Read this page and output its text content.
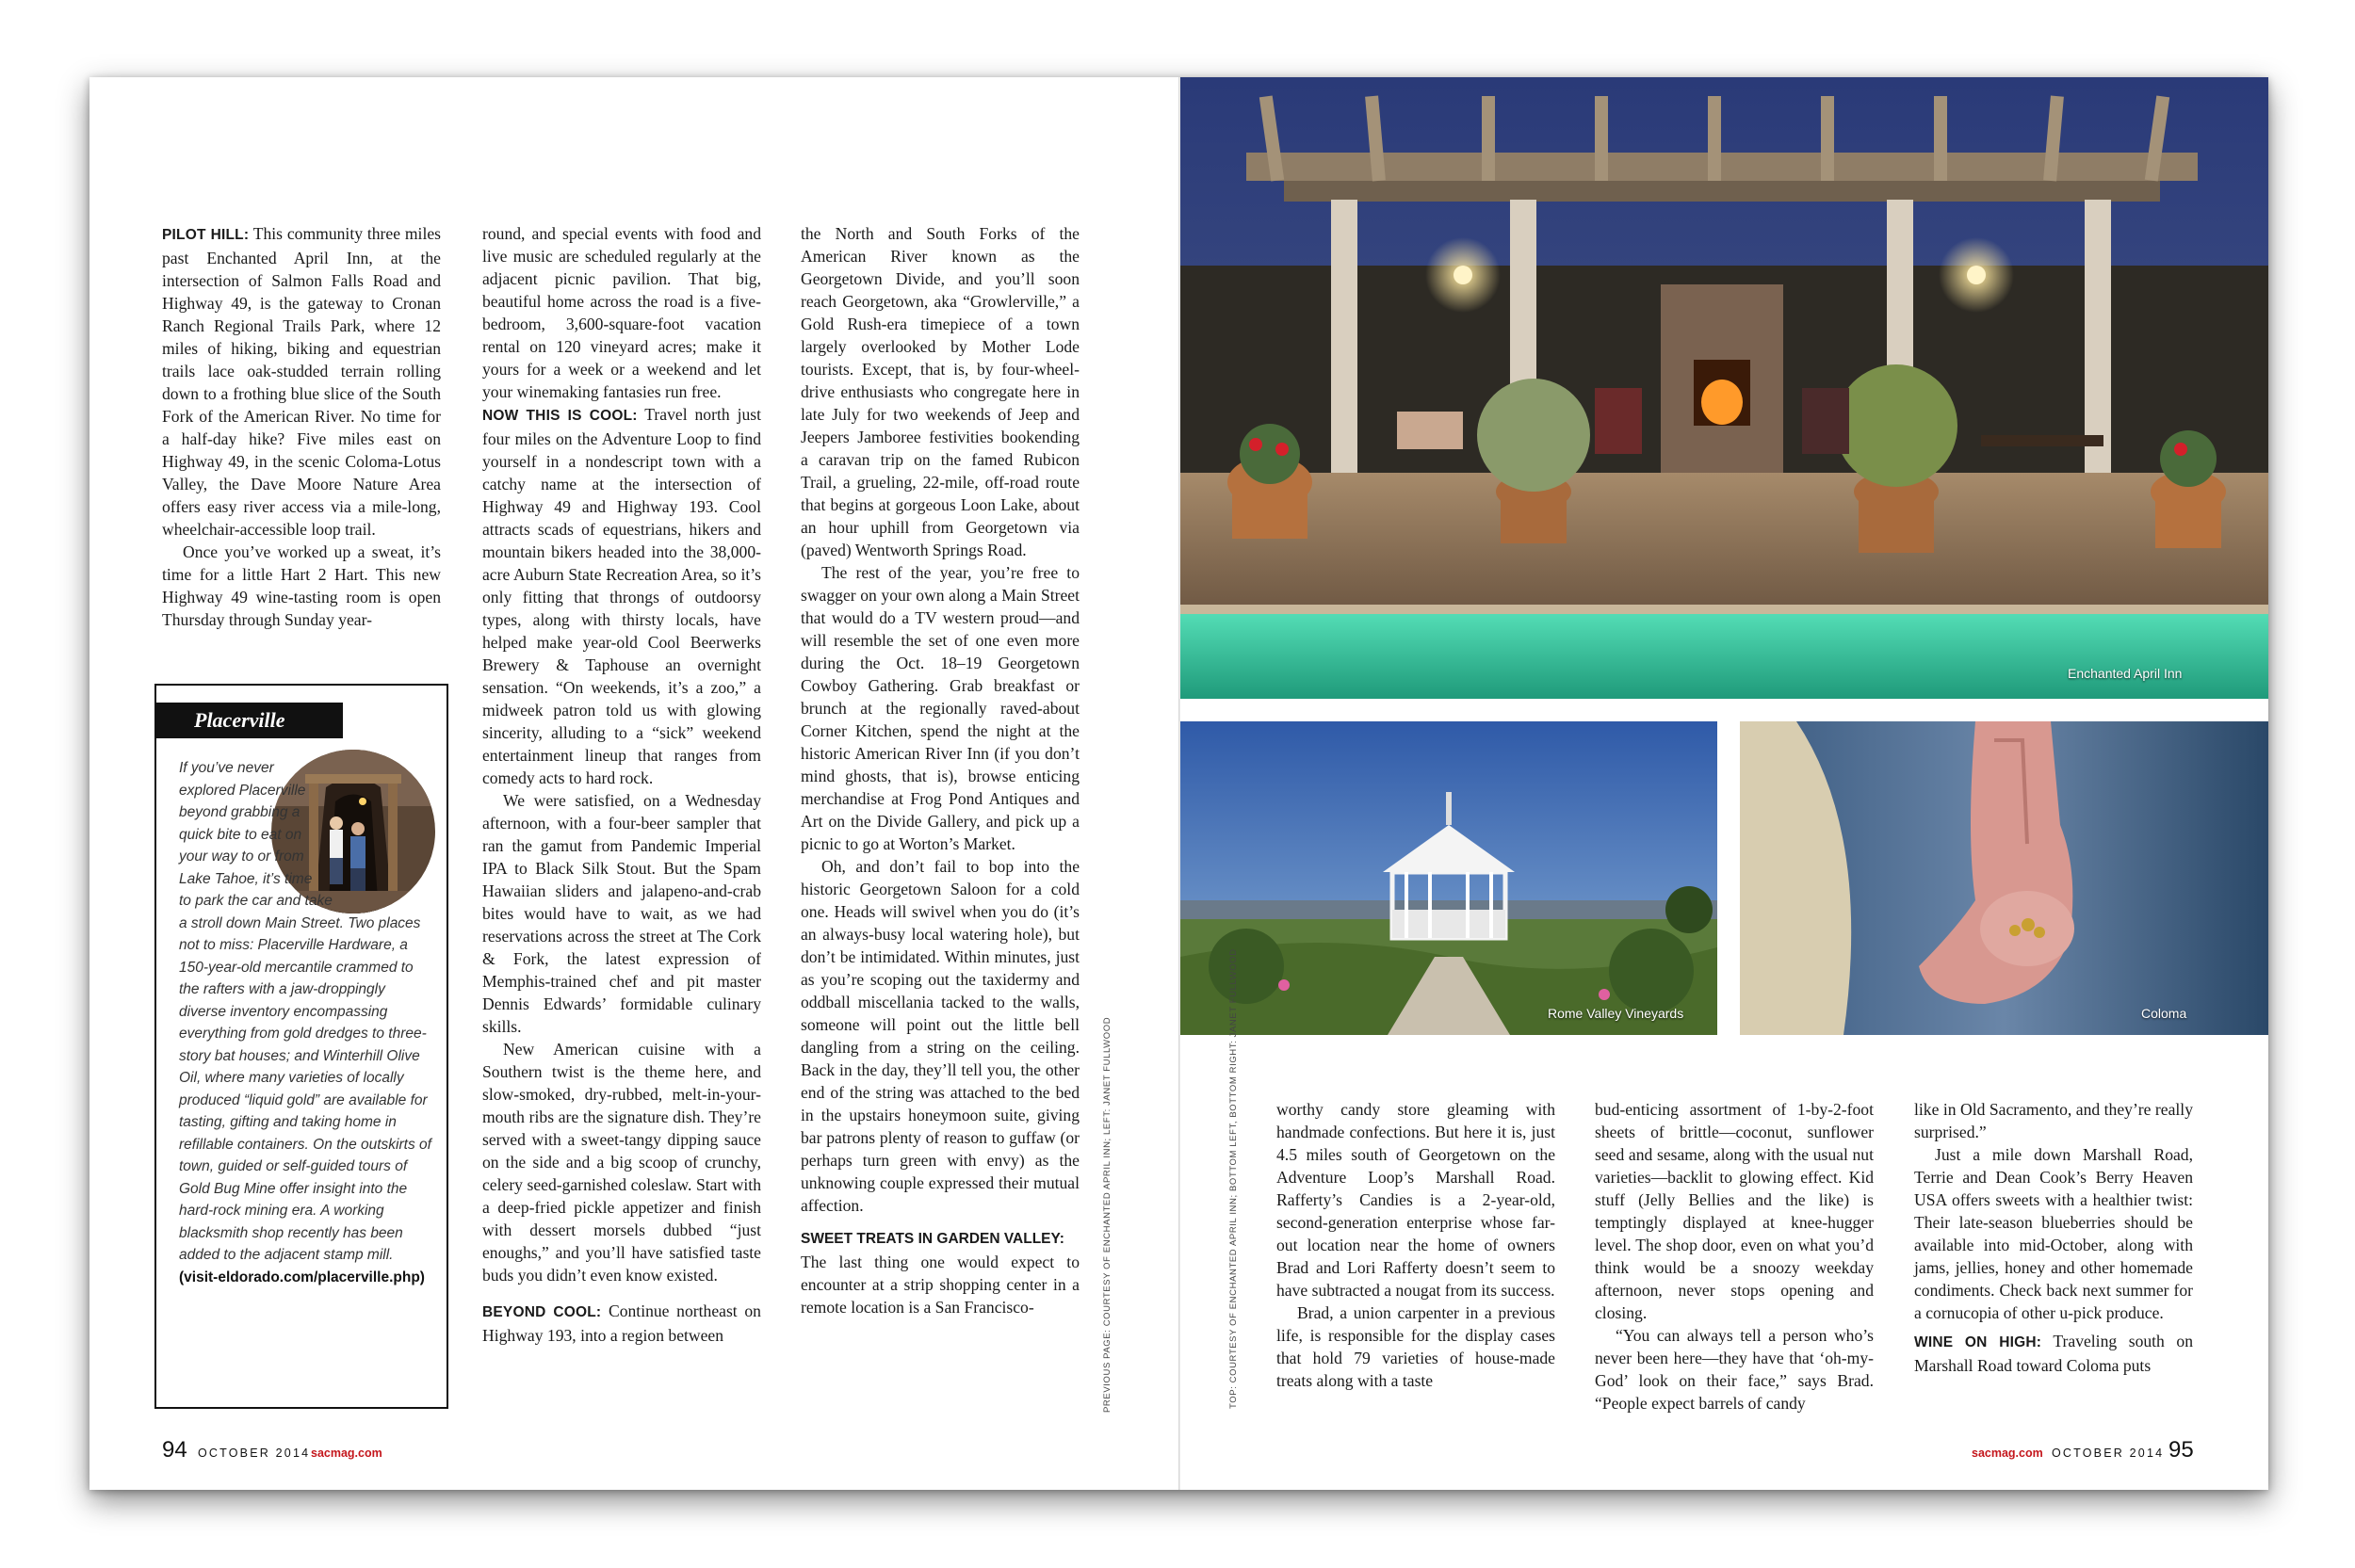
PILOT HILL: This community three miles past Enchanted April Inn, at the intersection of Salmon Falls Road and Highway 49, is the gateway to Cronan Ranch Regional Trails Park, where 12 miles of hiking, biking and equestrian trails lace oak-studded terrain rolling down to a frothing blue slice of the South Fork of the American River. No time for a half-day hike? Five miles east on Highway 49, in the scenic Coloma-Lotus Valley, the Dave Moore Nature Area offers easy river access via a mile-long, wheelchair-accessible loop trail.

Once you’ve worked up a sweat, it’s time for a little Hart 2 Hart. This new Highway 49 wine-tasting room is open Thursday through Sunday year-

Placerville
If you’ve never explored Placerville beyond grabbing a quick bite to eat on your way to or from Lake Tahoe, it’s time to park the car and take a stroll down Main Street. Two places not to miss: Placerville Hardware, a 150-year-old mercantile crammed to the rafters with a jaw-droppingly diverse inventory encompassing everything from gold dredges to three-story bat houses; and Winterhill Olive Oil, where many varieties of locally produced “liquid gold” are available for tasting, gifting and taking home in refillable containers. On the outskirts of town, guided or self-guided tours of Gold Bug Mine offer insight into the hard-rock mining era. A working blacksmith shop recently has been added to the adjacent stamp mill. (visit-eldorado.com/placerville.php)

round, and special events with food and live music are scheduled regularly at the adjacent picnic pavilion. That big, beautiful home across the road is a five-bedroom, 3,600-square-foot vacation rental on 120 vineyard acres; make it yours for a week or a weekend and let your winemaking fantasies run free.

NOW THIS IS COOL: Travel north just four miles on the Adventure Loop to find yourself in a nondescript town with a catchy name at the intersection of Highway 49 and Highway 193. Cool attracts scads of equestrians, hikers and mountain bikers headed into the 38,000-acre Auburn State Recreation Area, so it’s only fitting that throngs of outdoorsy types, along with thirsty locals, have helped make year-old Cool Beerwerks Brewery & Taphouse an overnight sensation. “On weekends, it’s a zoo,” a midweek patron told us with glowing sincerity, alluding to a “sick” weekend entertainment lineup that ranges from comedy acts to hard rock.

We were satisfied, on a Wednesday afternoon, with a four-beer sampler that ran the gamut from Pandemic Imperial IPA to Black Silk Stout. But the Spam Hawaiian sliders and jalapeno-and-crab bites would have to wait, as we had reservations across the street at The Cork & Fork, the latest expression of Memphis-trained chef and pit master Dennis Edwards’ formidable culinary skills.

New American cuisine with a Southern twist is the theme here, and slow-smoked, dry-rubbed, melt-in-your-mouth ribs are the signature dish. They’re served with a sweet-tangy dipping sauce on the side and a big scoop of crunchy, celery seed-garnished coleslaw. Start with a deep-fried pickle appetizer and finish with dessert morsels dubbed “just enoughs,” and you’ll have satisfied taste buds you didn’t even know existed.

BEYOND COOL: Continue northeast on Highway 193, into a region between

the North and South Forks of the American River known as the Georgetown Divide, and you’ll soon reach Georgetown, aka “Growlerville,” a Gold Rush-era timepiece of a town largely overlooked by Mother Lode tourists. Except, that is, by four-wheel-drive enthusiasts who congregate here in late July for two weekends of Jeep and Jeepers Jamboree festivities bookending a caravan trip on the famed Rubicon Trail, a grueling, 22-mile, off-road route that begins at gorgeous Loon Lake, about an hour uphill from Georgetown via (paved) Wentworth Springs Road.

The rest of the year, you’re free to swagger on your own along a Main Street that would do a TV western proud—and will resemble the set of one even more during the Oct. 18–19 Georgetown Cowboy Gathering. Grab breakfast or brunch at the regionally raved-about Corner Kitchen, spend the night at the historic American River Inn (if you don’t mind ghosts, that is), browse enticing merchandise at Frog Pond Antiques and Art on the Divide Gallery, and pick up a picnic to go at Worton’s Market.

Oh, and don’t fail to bop into the historic Georgetown Saloon for a cold one. Heads will swivel when you do (it’s an always-busy local watering hole), but don’t be intimidated. Within minutes, just as you’re scoping out the taxidermy and oddball miscellania tacked to the walls, someone will point out the little bell dangling from a string on the ceiling. Back in the day, they’ll tell you, the other end of the string was attached to the bed in the upstairs honeymoon suite, giving bar patrons plenty of reason to guffaw (or perhaps turn green with envy) as the unknowing couple expressed their mutual affection.

SWEET TREATS IN GARDEN VALLEY:

The last thing one would expect to encounter at a strip shopping center in a remote location is a San Francisco-	PREVIOUS PAGE: COURTESY OF ENCHANTED APRIL INN; LEFT: JANET FULLWOOD
94 OCTOBER 2014 sacmag.com
Enchanted April Inn
Rome Valley Vineyards	Coloma
TOP: COURTESY OF ENCHANTED APRIL INN; BOTTOM LEFT, BOTTOM RIGHT: JANET FULLWOOD worthy candy store gleaming with handmade confections. But here it is, just 4.5 miles south of Georgetown on the Adventure Loop’s Marshall Road. Rafferty’s Candies is a 2-year-old, second-generation enterprise whose far-out location near the home of owners Brad and Lori Rafferty doesn’t seem to have subtracted a nougat from its success.

Brad, a union carpenter in a previous life, is responsible for the display cases that hold 79 varieties of house-made treats along with a taste

bud-enticing assortment of 1-by-2-foot sheets of brittle—coconut, sunflower seed and sesame, along with the usual nut varieties—backlit to glowing effect. Kid stuff (Jelly Bellies and the like) is temptingly displayed at knee-hugger level. The shop door, even on what you’d think would be a snoozy weekday afternoon, never stops opening and closing.

“You can always tell a person who’s never been here—they have that ‘oh-my-God’ look on their face,” says Brad. “People expect barrels of candy

like in Old Sacramento, and they’re really surprised.”

Just a mile down Marshall Road, Terrie and Dean Cook’s Berry Heaven USA offers sweets with a healthier twist: Their late-season blueberries should be available into mid-October, along with jams, jellies, honey and other homemade condiments. Check back next summer for a cornucopia of other u-pick produce.

WINE ON HIGH: Traveling south on Marshall Road toward Coloma puts

sacmag.com OCTOBER 2014 95
